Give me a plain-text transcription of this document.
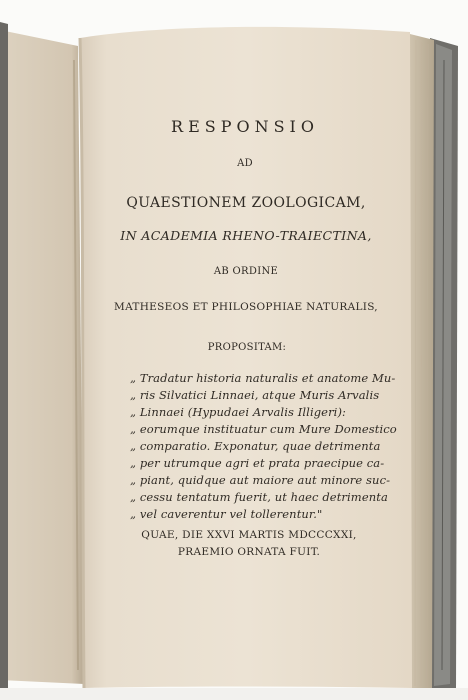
RESPONSIO
AD
QUAESTIONEM ZOOLOGICAM,
IN ACADEMIA RHENO-TRAIECTINA,
AB ORDINE
MATHESEOS ET PHILOSOPHIAE NATURALIS,
PROPOSITAM:
„ Tradatur historia naturalis et anatome Mu-
„ ris Silvatici Linnaei, atque Muris Arvalis
„ Linnaei (Hypudaei Arvalis Illigeri):
„ eorumque instituatur cum Mure Domestico
„ comparatio. Exponatur, quae detrimenta
„ per utrumque agri et prata praecipue ca-
„ piant, quidque aut maiore aut minore suc-
„ cessu tentatum fuerit, ut haec detrimenta
„ vel caverentur vel tollerentur."
QUAE, DIE XXVI MARTIS MDCCCXXI,
PRAEMIO ORNATA FUIT.
